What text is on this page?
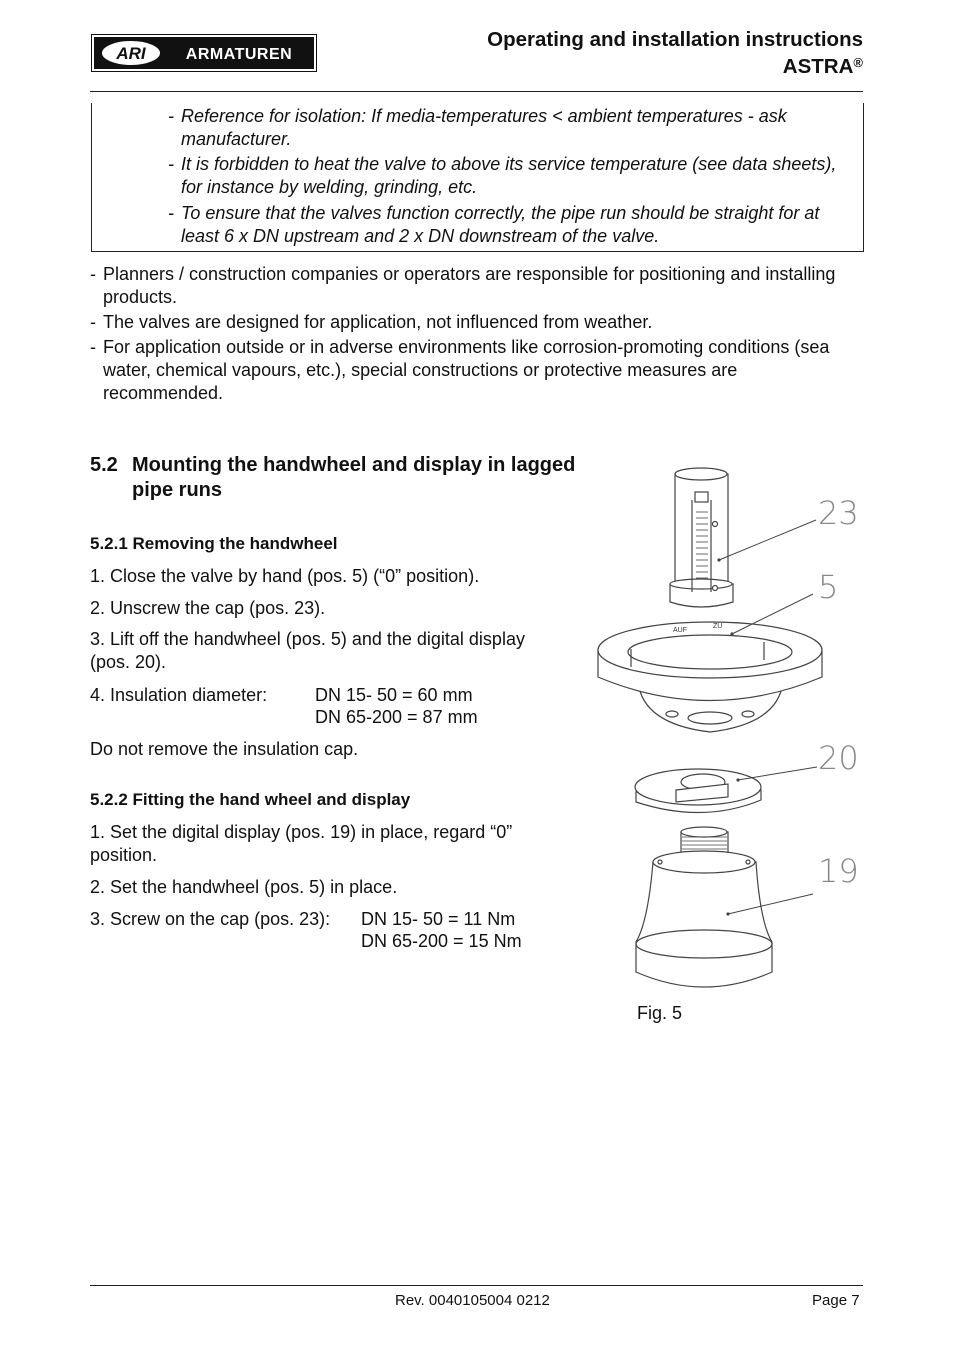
ARI	ARMATUREN
Operating and installation instructions
ASTRA®
- Reference for isolation: If media-temperatures < ambient temperatures - ask manufacturer.
- It is forbidden to heat the valve to above its service temperature (see data sheets), for instance by welding, grinding, etc.
- To ensure that the valves function correctly, the pipe run should be straight for at least 6 x DN upstream and 2 x DN downstream of the valve.
- Planners / construction companies or operators are responsible for positioning and installing products.
- The valves are designed for application, not influenced from weather.
- For application outside or in adverse environments like corrosion-promoting conditions (sea water, chemical vapours, etc.), special constructions or protective measures are recommended.
5.2 Mounting the handwheel and display in lagged pipe runs
5.2.1 Removing the handwheel
1. Close the valve by hand (pos. 5) (“0” position).
2. Unscrew the cap (pos. 23).
3. Lift off the handwheel (pos. 5) and the digital display (pos. 20).
4. Insulation diameter:	DN 15- 50 = 60 mm
DN 65-200 = 87 mm
Do not remove the insulation cap.
5.2.2 Fitting the hand wheel and display
1. Set the digital display (pos. 19) in place, regard “0” position.
2. Set the handwheel (pos. 5) in place.
3. Screw on the cap (pos. 23): DN 15- 50 = 11 Nm
DN 65-200 = 15 Nm
AUF
ZU
23
5
20
19
Fig. 5
Rev. 0040105004 0212	Page 7
